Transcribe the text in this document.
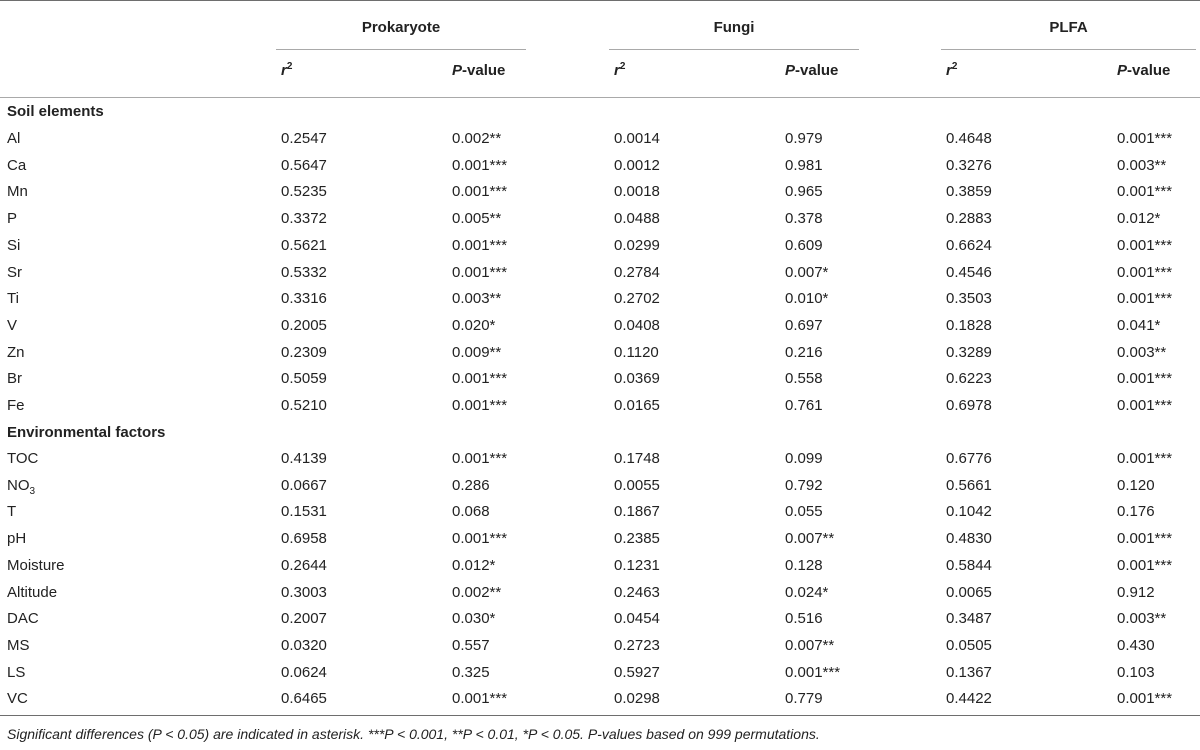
Prokaryote	Fungi	PLFA
$r^2$	P-value	$r^2$	P-value	$r^2$	P-value
Soil elements
Al	0.2547	0.002**	0.0014	0.979	0.4648	0.001***
Ca	0.5647	0.001***	0.0012	0.981	0.3276	0.003**
Mn	0.5235	0.001***	0.0018	0.965	0.3859	0.001***
P	0.3372	0.005**	0.0488	0.378	0.2883	0.012*
Si	0.5621	0.001***	0.0299	0.609	0.6624	0.001***
Sr	0.5332	0.001***	0.2784	0.007*	0.4546	0.001***
Ti	0.3316	0.003**	0.2702	0.010*	0.3503	0.001***
V	0.2005	0.020*	0.0408	0.697	0.1828	0.041*
Zn	0.2309	0.009**	0.1120	0.216	0.3289	0.003**
Br	0.5059	0.001***	0.0369	0.558	0.6223	0.001***
Fe	0.5210	0.001***	0.0165	0.761	0.6978	0.001***
Environmental factors
TOC	0.4139	0.001***	0.1748	0.099	0.6776	0.001***
$NO_3$	0.0667	0.286	0.0055	0.792	0.5661	0.120
T	0.1531	0.068	0.1867	0.055	0.1042	0.176
pH	0.6958	0.001***	0.2385	0.007**	0.4830	0.001***
Moisture	0.2644	0.012*	0.1231	0.128	0.5844	0.001***
Altitude	0.3003	0.002**	0.2463	0.024*	0.0065	0.912
DAC	0.2007	0.030*	0.0454	0.516	0.3487	0.003**
MS	0.0320	0.557	0.2723	0.007**	0.0505	0.430
LS	0.0624	0.325	0.5927	0.001***	0.1367	0.103
VC	0.6465	0.001***	0.0298	0.779	0.4422	0.001***
Significant differences (P < 0.05) are indicated in asterisk. ***P < 0.001, **P < 0.01, *P < 0.05. P-values based on 999 permutations.
